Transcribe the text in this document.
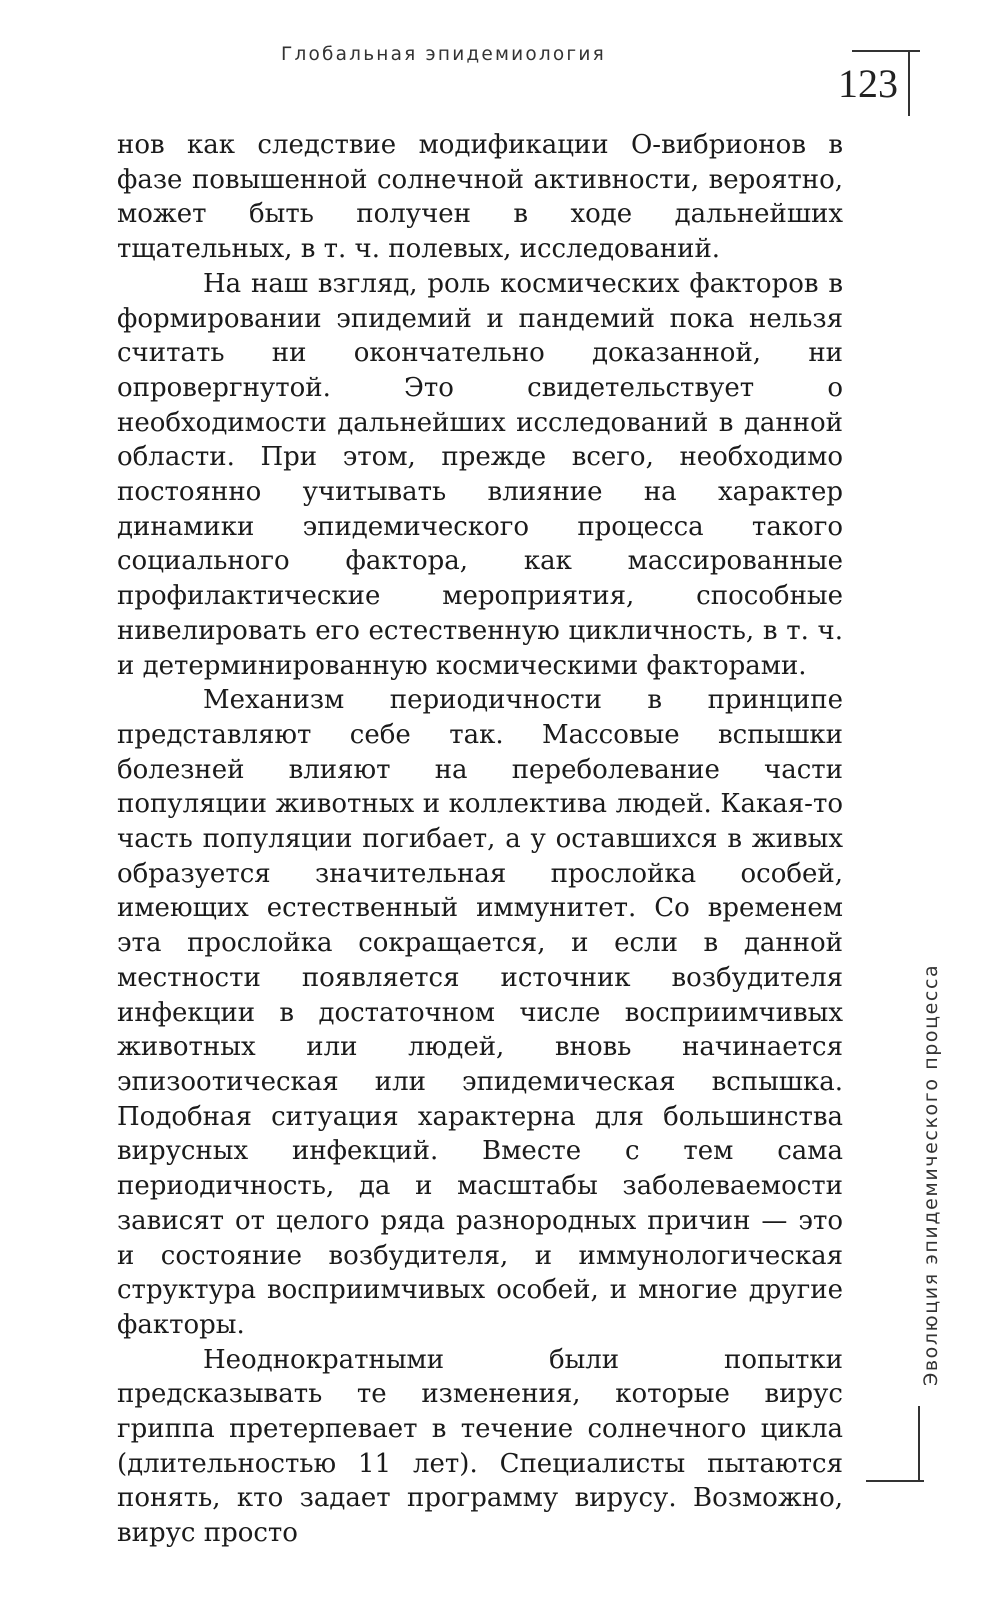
Глобальная эпидемиология
123

нов как следствие модификации О-вибрионов в фазе повышенной солнечной активности, вероятно, может быть получен в ходе дальнейших тщательных, в т. ч. полевых, исследований.

На наш взгляд, роль космических факторов в формировании эпидемий и пандемий пока нельзя считать ни окончательно доказанной, ни опровергнутой. Это свидетельствует о необходимости дальнейших исследований в данной области. При этом, прежде всего, необходимо постоянно учитывать влияние на характер динамики эпидемического процесса такого социального фактора, как массированные профилактические мероприятия, способные нивелировать его естественную цикличность, в т. ч. и детерминированную космическими факторами.

Механизм периодичности в принципе представляют себе так. Массовые вспышки болезней влияют на переболевание части популяции животных и коллектива людей. Какая-то часть популяции погибает, а у оставшихся в живых образуется значительная прослойка особей, имеющих естественный иммунитет. Со временем эта прослойка сокращается, и если в данной местности появляется источник возбудителя инфекции в достаточном числе восприимчивых животных или людей, вновь начинается эпизоотическая или эпидемическая вспышка. Подобная ситуация характерна для большинства вирусных инфекций. Вместе с тем сама периодичность, да и масштабы заболеваемости зависят от целого ряда разнородных причин — это и состояние возбудителя, и иммунологическая структура восприимчивых особей, и многие другие факторы.

Неоднократными были попытки предсказывать те изменения, которые вирус гриппа претерпевает в течение солнечного цикла (длительностью 11 лет). Специалисты пытаются понять, кто задает программу вирусу. Возможно, вирус просто

Эволюция эпидемического процесса
